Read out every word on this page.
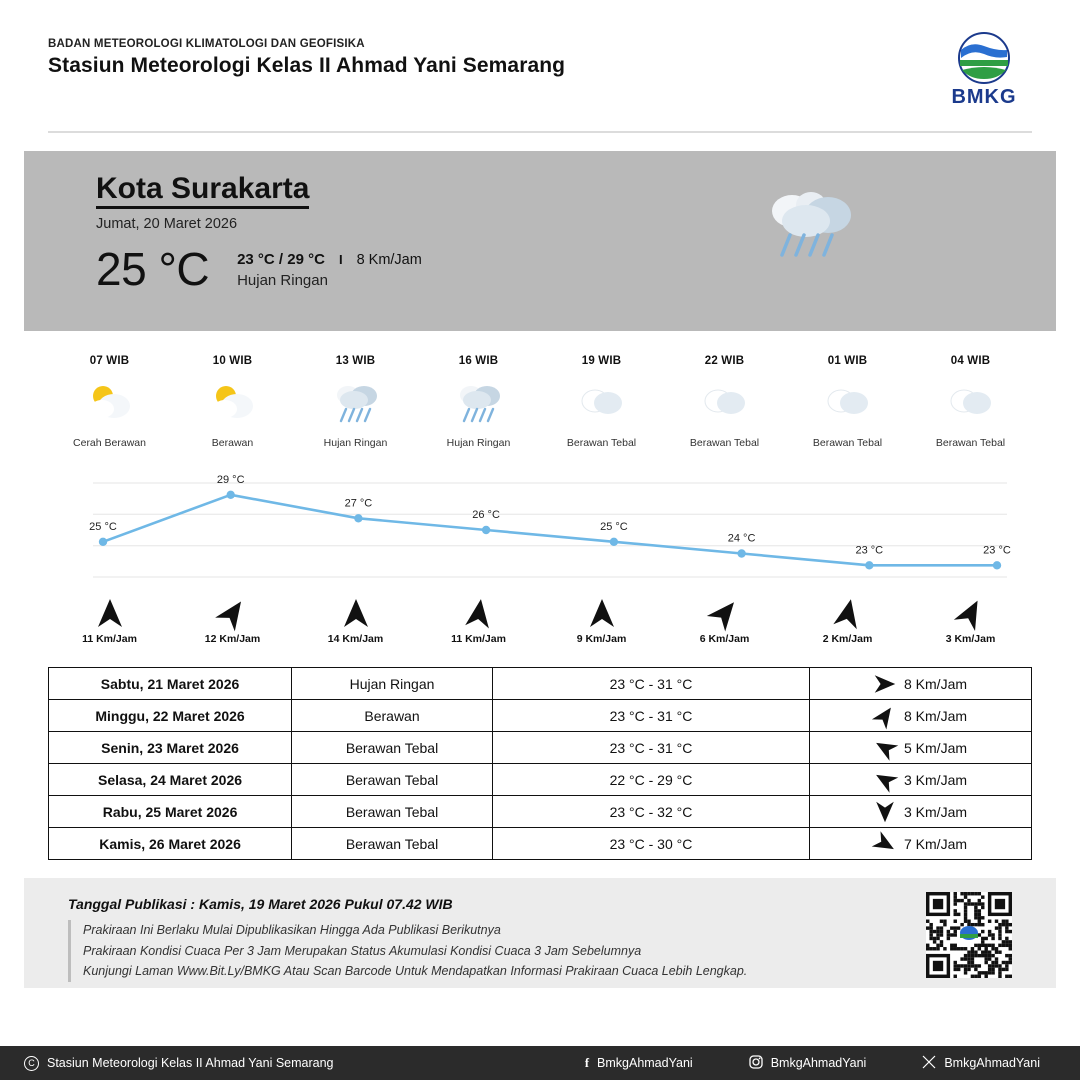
BADAN METEOROLOGI KLIMATOLOGI DAN GEOFISIKA
Stasiun Meteorologi Kelas II Ahmad Yani Semarang
BMKG
Kota Surakarta
Jumat, 20 Maret 2026
25 °C 23 °C / 29 °C I 8 Km/Jam
Hujan Ringan
07 WIB
Cerah Berawan
10 WIB
Berawan
13 WIB
Hujan Ringan
16 WIB
Hujan Ringan
19 WIB
Berawan Tebal
22 WIB
Berawan Tebal
01 WIB
Berawan Tebal
04 WIB
Berawan Tebal
25 °C
29 °C
27 °C
26 °C
25 °C
24 °C
23 °C	23 °C
11 Km/Jam	12 Km/Jam	14 Km/Jam	11 Km/Jam	9 Km/Jam	6 Km/Jam	2 Km/Jam	3 Km/Jam
Sabtu, 21 Maret 2026	Hujan Ringan	23 °C - 31 °C	8 Km/Jam

Minggu, 22 Maret 2026	Berawan	23 °C - 31 °C	8 Km/Jam

Senin, 23 Maret 2026	Berawan Tebal	23 °C - 31 °C	5 Km/Jam

Selasa, 24 Maret 2026	Berawan Tebal	22 °C - 29 °C	3 Km/Jam

Rabu, 25 Maret 2026	Berawan Tebal	23 °C - 32 °C	3 Km/Jam

Kamis, 26 Maret 2026	Berawan Tebal	23 °C - 30 °C	7 Km/Jam
Tanggal Publikasi : Kamis, 19 Maret 2026 Pukul 07.42 WIB
Prakiraan Ini Berlaku Mulai Dipublikasikan Hingga Ada Publikasi Berikutnya
Prakiraan Kondisi Cuaca Per 3 Jam Merupakan Status Akumulasi Kondisi Cuaca 3 Jam Sebelumnya
Kunjungi Laman Www.Bit.Ly/BMKG Atau Scan Barcode Untuk Mendapatkan Informasi Prakiraan Cuaca Lebih Lengkap.
C Stasiun Meteorologi Kelas II Ahmad Yani Semarang	f BmkgAhmadYani	BmkgAhmadYani	BmkgAhmadYani
